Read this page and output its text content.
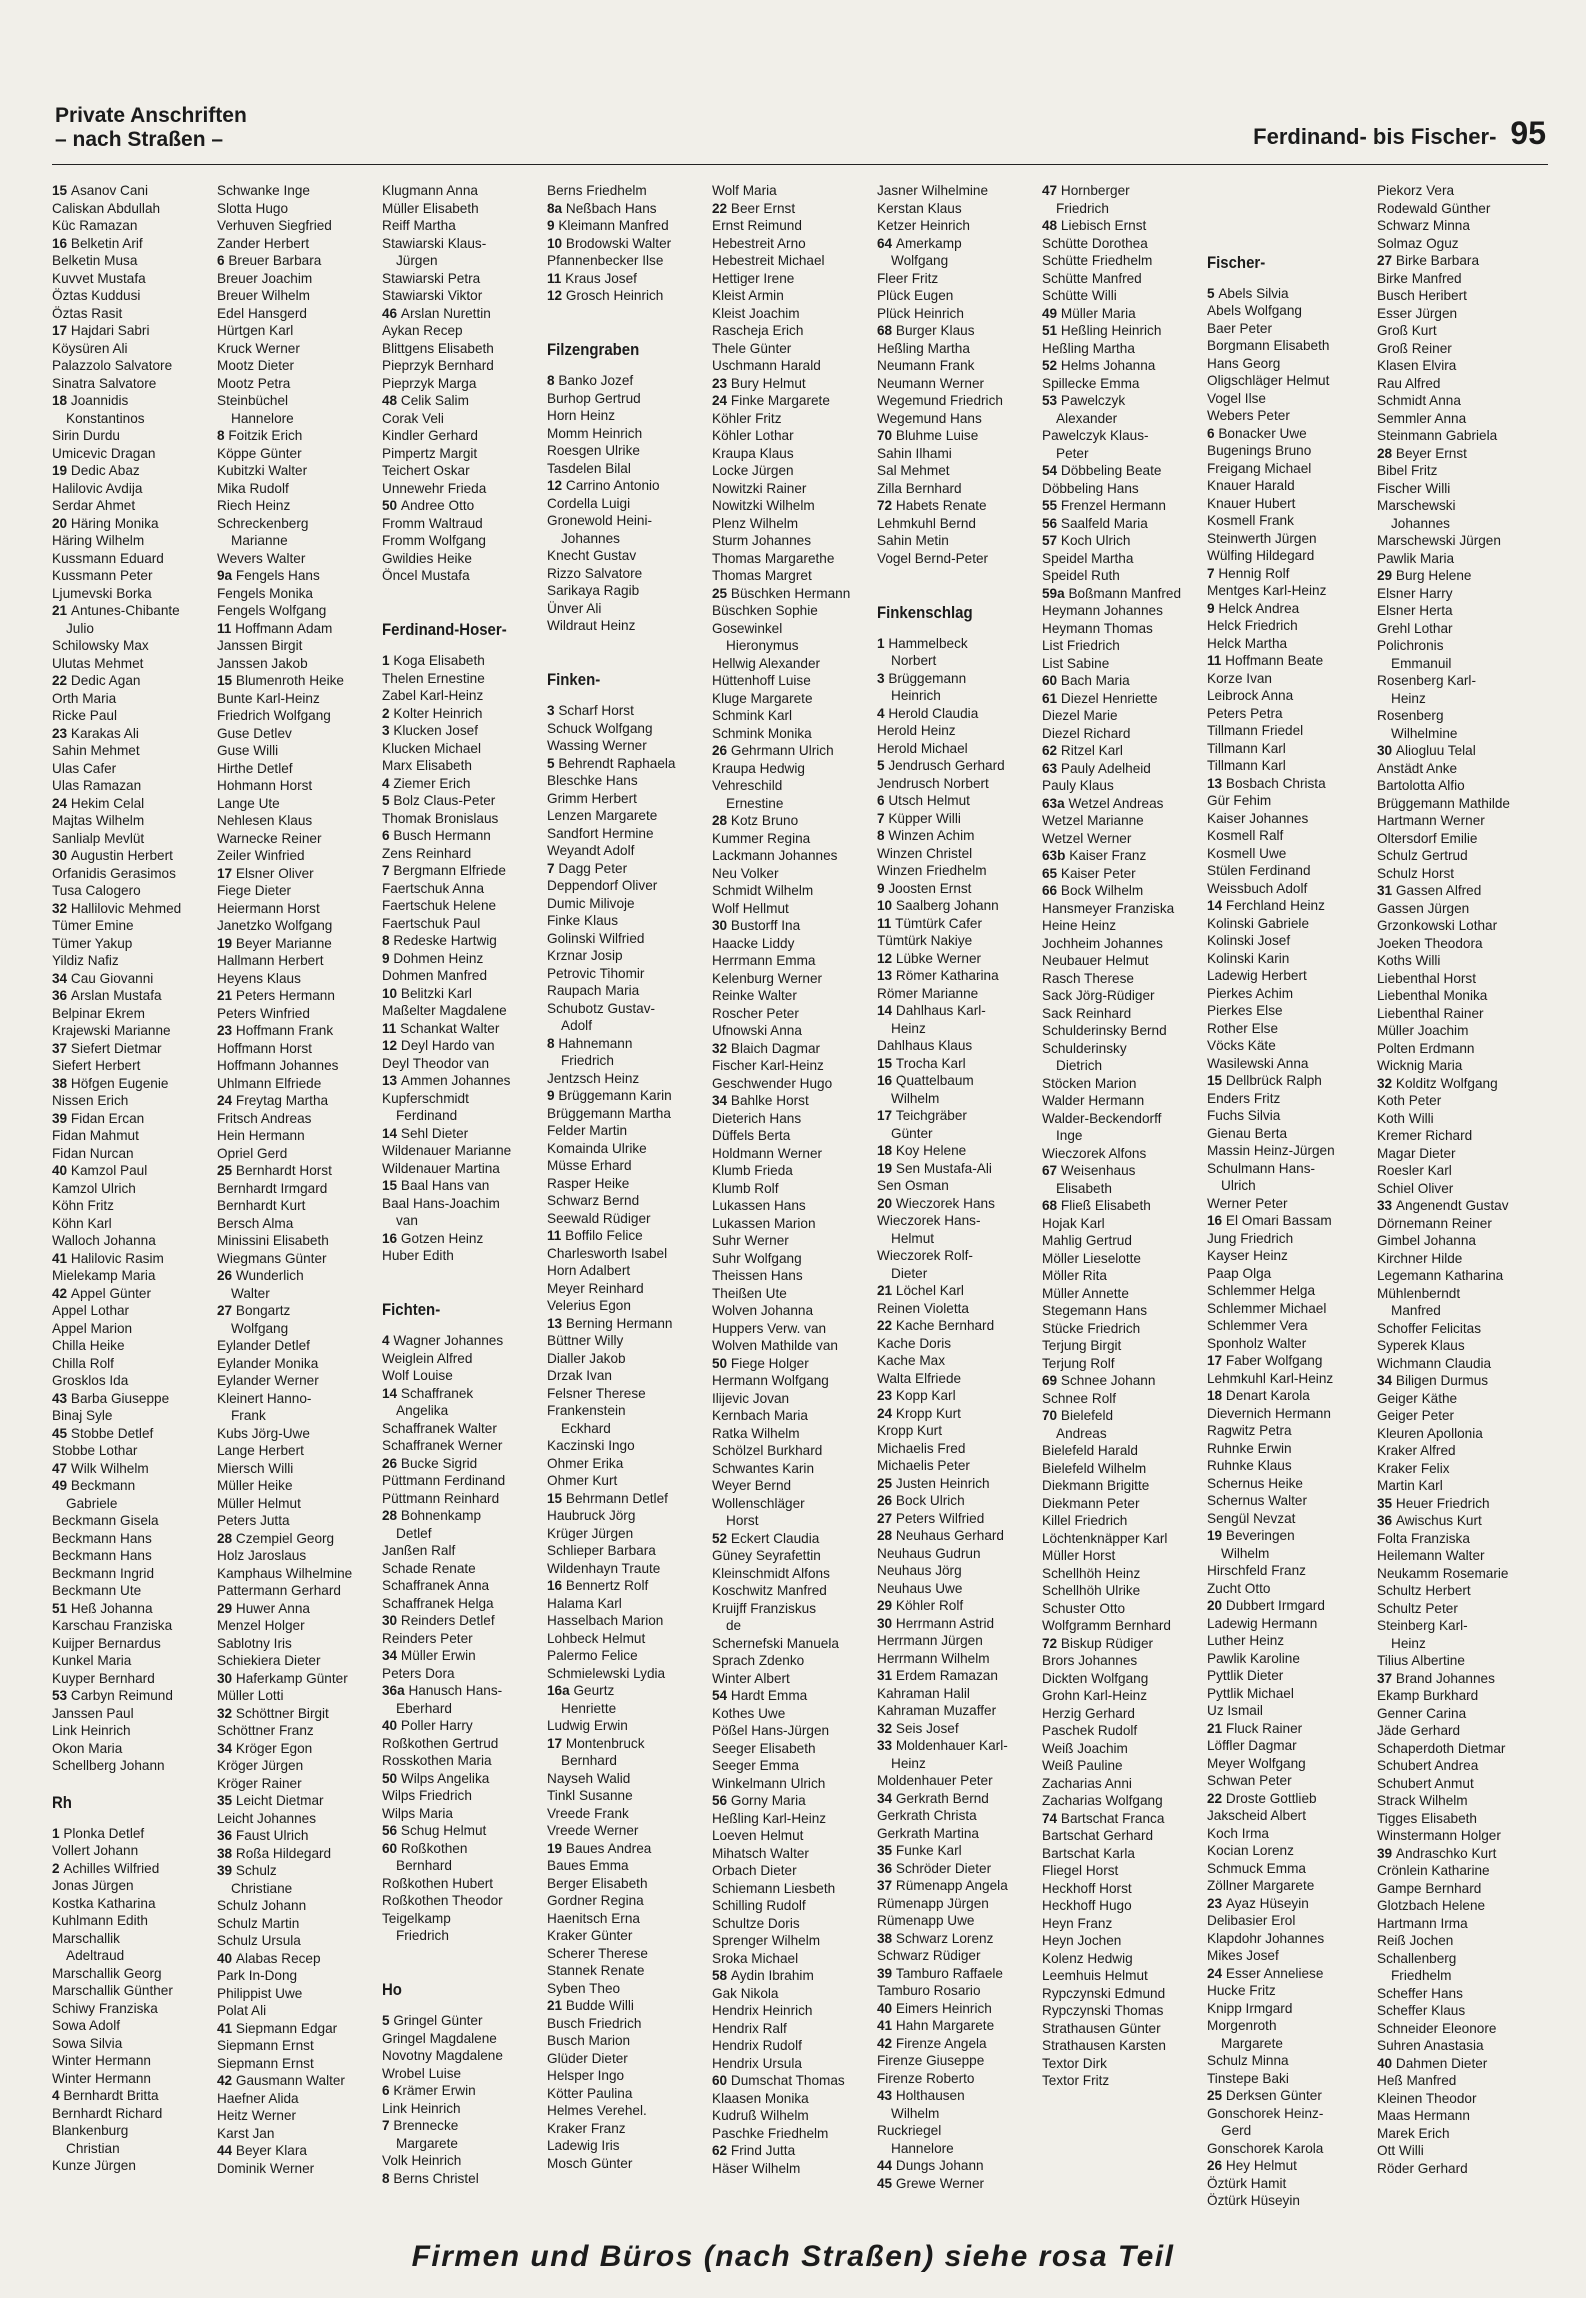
Private Anschriften
– nach Straßen –	Ferdinand- bis Fischer- 95
15 Asanov Cani
Caliskan Abdullah
Küc Ramazan
16 Belketin Arif
Belketin Musa
Kuvvet Mustafa
Öztas Kuddusi
Öztas Rasit
17 Hajdari Sabri
Köysüren Ali
Palazzolo Salvatore
Sinatra Salvatore
18 Joannidis
Konstantinos
Sirin Durdu
Umicevic Dragan
19 Dedic Abaz
Halilovic Avdija
Serdar Ahmet
20 Häring Monika
Häring Wilhelm
Kussmann Eduard
Kussmann Peter
Ljumevski Borka
21 Antunes-Chibante
Julio
Schilowsky Max
Ulutas Mehmet
22 Dedic Agan
Orth Maria
Ricke Paul
23 Karakas Ali
Sahin Mehmet
Ulas Cafer
Ulas Ramazan
24 Hekim Celal
Majtas Wilhelm
Sanlialp Mevlüt
30 Augustin Herbert
Orfanidis Gerasimos
Tusa Calogero
32 Hallilovic Mehmed
Tümer Emine
Tümer Yakup
Yildiz Nafiz
34 Cau Giovanni
36 Arslan Mustafa
Belpinar Ekrem
Krajewski Marianne
37 Siefert Dietmar
Siefert Herbert
38 Höfgen Eugenie
Nissen Erich
39 Fidan Ercan
Fidan Mahmut
Fidan Nurcan
40 Kamzol Paul
Kamzol Ulrich
Köhn Fritz
Köhn Karl
Walloch Johanna
41 Halilovic Rasim
Mielekamp Maria
42 Appel Günter
Appel Lothar
Appel Marion
Chilla Heike
Chilla Rolf
Grosklos Ida
43 Barba Giuseppe
Binaj Syle
45 Stobbe Detlef
Stobbe Lothar
47 Wilk Wilhelm
49 Beckmann
Gabriele
Beckmann Gisela
Beckmann Hans
Beckmann Hans
Beckmann Ingrid
Beckmann Ute
51 Heß Johanna
Karschau Franziska
Kuijper Bernardus
Kunkel Maria
Kuyper Bernhard
53 Carbyn Reimund
Janssen Paul
Link Heinrich
Okon Maria
Schellberg Johann
Rh
1 Plonka Detlef
Vollert Johann
2 Achilles Wilfried
Jonas Jürgen
Kostka Katharina
Kuhlmann Edith
Marschallik
Adeltraud
Marschallik Georg
Marschallik Günther
Schiwy Franziska
Sowa Adolf
Sowa Silvia
Winter Hermann
Winter Hermann
4 Bernhardt Britta
Bernhardt Richard
Blankenburg
Christian
Kunze Jürgen
Schwanke Inge
Slotta Hugo
Verhuven Siegfried
Zander Herbert
6 Breuer Barbara
Breuer Joachim
Breuer Wilhelm
Edel Hansgerd
Hürtgen Karl
Kruck Werner
Mootz Dieter
Mootz Petra
Steinbüchel
Hannelore
8 Foitzik Erich
Köppe Günter
Kubitzki Walter
Mika Rudolf
Riech Heinz
Schreckenberg
Marianne
Wevers Walter
9a Fengels Hans
Fengels Monika
Fengels Wolfgang
11 Hoffmann Adam
Janssen Birgit
Janssen Jakob
15 Blumenroth Heike
Bunte Karl-Heinz
Friedrich Wolfgang
Guse Detlev
Guse Willi
Hirthe Detlef
Hohmann Horst
Lange Ute
Nehlesen Klaus
Warnecke Reiner
Zeiler Winfried
17 Elsner Oliver
Fiege Dieter
Heiermann Horst
Janetzko Wolfgang
19 Beyer Marianne
Hallmann Herbert
Heyens Klaus
21 Peters Hermann
Peters Winfried
23 Hoffmann Frank
Hoffmann Horst
Hoffmann Johannes
Uhlmann Elfriede
24 Freytag Martha
Fritsch Andreas
Hein Hermann
Opriel Gerd
25 Bernhardt Horst
Bernhardt Irmgard
Bernhardt Kurt
Bersch Alma
Minissini Elisabeth
Wiegmans Günter
26 Wunderlich
Walter
27 Bongartz
Wolfgang
Eylander Detlef
Eylander Monika
Eylander Werner
Kleinert Hanno-
Frank
Kubs Jörg-Uwe
Lange Herbert
Miersch Willi
Müller Heike
Müller Helmut
Peters Jutta
28 Czempiel Georg
Holz Jaroslaus
Kamphaus Wilhelmine
Pattermann Gerhard
29 Huwer Anna
Menzel Holger
Sablotny Iris
Schiekiera Dieter
30 Haferkamp Günter
Müller Lotti
32 Schöttner Birgit
Schöttner Franz
34 Kröger Egon
Kröger Jürgen
Kröger Rainer
35 Leicht Dietmar
Leicht Johannes
36 Faust Ulrich
38 Roßa Hildegard
39 Schulz
Christiane
Schulz Johann
Schulz Martin
Schulz Ursula
40 Alabas Recep
Park In-Dong
Philippist Uwe
Polat Ali
41 Siepmann Edgar
Siepmann Ernst
Siepmann Ernst
42 Gausmann Walter
Haefner Alida
Heitz Werner
Karst Jan
44 Beyer Klara
Dominik Werner
Klugmann Anna
Müller Elisabeth
Reiff Martha
Stawiarski Klaus-
Jürgen
Stawiarski Petra
Stawiarski Viktor
46 Arslan Nurettin
Aykan Recep
Blittgens Elisabeth
Pieprzyk Bernhard
Pieprzyk Marga
48 Celik Salim
Corak Veli
Kindler Gerhard
Pimpertz Margit
Teichert Oskar
Unnewehr Frieda
50 Andree Otto
Fromm Waltraud
Fromm Wolfgang
Gwildies Heike
Öncel Mustafa

Ferdinand-Hoser-
1 Koga Elisabeth
Thelen Ernestine
Zabel Karl-Heinz
2 Kolter Heinrich
3 Klucken Josef
Klucken Michael
Marx Elisabeth
4 Ziemer Erich
5 Bolz Claus-Peter
Thomak Bronislaus
6 Busch Hermann
Zens Reinhard
7 Bergmann Elfriede
Faertschuk Anna
Faertschuk Helene
Faertschuk Paul
8 Redeske Hartwig
9 Dohmen Heinz
Dohmen Manfred
10 Belitzki Karl
Maßelter Magdalene
11 Schankat Walter
12 Deyl Hardo van
Deyl Theodor van
13 Ammen Johannes
Kupferschmidt
Ferdinand
14 Sehl Dieter
Wildenauer Marianne
Wildenauer Martina
15 Baal Hans van
Baal Hans-Joachim
van
16 Gotzen Heinz
Huber Edith

Fichten-
4 Wagner Johannes
Weiglein Alfred
Wolf Louise
14 Schaffranek
Angelika
Schaffranek Walter
Schaffranek Werner
26 Bucke Sigrid
Püttmann Ferdinand
Püttmann Reinhard
28 Bohnenkamp
Detlef
Janßen Ralf
Schade Renate
Schaffranek Anna
Schaffranek Helga
30 Reinders Detlef
Reinders Peter
34 Müller Erwin
Peters Dora
36a Hanusch Hans-
Eberhard
40 Poller Harry
Roßkothen Gertrud
Rosskothen Maria
50 Wilps Angelika
Wilps Friedrich
Wilps Maria
56 Schug Helmut
60 Roßkothen
Bernhard
Roßkothen Hubert
Roßkothen Theodor
Teigelkamp
Friedrich

Ho
5 Gringel Günter
Gringel Magdalene
Novotny Magdalene
Wrobel Luise
6 Krämer Erwin
Link Heinrich
7 Brennecke
Margarete
Volk Heinrich
8 Berns Christel
Berns Friedhelm
8a Neßbach Hans
9 Kleimann Manfred
10 Brodowski Walter
Pfannenbecker Ilse
11 Kraus Josef
12 Grosch Heinrich

Filzengraben
8 Banko Jozef
Burhop Gertrud
Horn Heinz
Momm Heinrich
Roesgen Ulrike
Tasdelen Bilal
12 Carrino Antonio
Cordella Luigi
Gronewold Heini-
Johannes
Knecht Gustav
Rizzo Salvatore
Sarikaya Ragib
Ünver Ali
Wildraut Heinz

Finken-
3 Scharf Horst
Schuck Wolfgang
Wassing Werner
5 Behrendt Raphaela
Bleschke Hans
Grimm Herbert
Lenzen Margarete
Sandfort Hermine
Weyandt Adolf
7 Dagg Peter
Deppendorf Oliver
Dumic Milivoje
Finke Klaus
Golinski Wilfried
Krznar Josip
Petrovic Tihomir
Raupach Maria
Schubotz Gustav-
Adolf
8 Hahnemann
Friedrich
Jentzsch Heinz
9 Brüggemann Karin
Brüggemann Martha
Felder Martin
Komainda Ulrike
Müsse Erhard
Rasper Heike
Schwarz Bernd
Seewald Rüdiger
11 Boffilo Felice
Charlesworth Isabel
Horn Adalbert
Meyer Reinhard
Velerius Egon
13 Berning Hermann
Büttner Willy
Dialler Jakob
Drzak Ivan
Felsner Therese
Frankenstein
Eckhard
Kaczinski Ingo
Ohmer Erika
Ohmer Kurt
15 Behrmann Detlef
Haubruck Jörg
Krüger Jürgen
Schlieper Barbara
Wildenhayn Traute
16 Bennertz Rolf
Halama Karl
Hasselbach Marion
Lohbeck Helmut
Palermo Felice
Schmielewski Lydia
16a Geurtz
Henriette
Ludwig Erwin
17 Montenbruck
Bernhard
Nayseh Walid
Tinkl Susanne
Vreede Frank
Vreede Werner
19 Baues Andrea
Baues Emma
Berger Elisabeth
Gordner Regina
Haenitsch Erna
Kraker Günter
Scherer Therese
Stannek Renate
Syben Theo
21 Budde Willi
Busch Friedrich
Busch Marion
Glüder Dieter
Helsper Ingo
Kötter Paulina
Helmes Verehel.
Kraker Franz
Ladewig Iris
Mosch Günter
Wolf Maria
22 Beer Ernst
Ernst Reimund
Hebestreit Arno
Hebestreit Michael
Hettiger Irene
Kleist Armin
Kleist Joachim
Rascheja Erich
Thele Günter
Uschmann Harald
23 Bury Helmut
24 Finke Margarete
Köhler Fritz
Köhler Lothar
Kraupa Klaus
Locke Jürgen
Nowitzki Rainer
Nowitzki Wilhelm
Plenz Wilhelm
Sturm Johannes
Thomas Margarethe
Thomas Margret
25 Büschken Hermann
Büschken Sophie
Gosewinkel
Hieronymus
Hellwig Alexander
Hüttenhoff Luise
Kluge Margarete
Schmink Karl
Schmink Monika
26 Gehrmann Ulrich
Kraupa Hedwig
Vehreschild
Ernestine
28 Kotz Bruno
Kummer Regina
Lackmann Johannes
Neu Volker
Schmidt Wilhelm
Wolf Hellmut
30 Bustorff Ina
Haacke Liddy
Herrmann Emma
Kelenburg Werner
Reinke Walter
Roscher Peter
Ufnowski Anna
32 Blaich Dagmar
Fischer Karl-Heinz
Geschwender Hugo
34 Bahlke Horst
Dieterich Hans
Düffels Berta
Holdmann Werner
Klumb Frieda
Klumb Rolf
Lukassen Hans
Lukassen Marion
Suhr Werner
Suhr Wolfgang
Theissen Hans
Theißen Ute
Wolven Johanna
Huppers Verw. van
Wolven Mathilde van
50 Fiege Holger
Hermann Wolfgang
Ilijevic Jovan
Kernbach Maria
Ratka Wilhelm
Schölzel Burkhard
Schwantes Karin
Weyer Bernd
Wollenschläger
Horst
52 Eckert Claudia
Güney Seyrafettin
Kleinschmidt Alfons
Koschwitz Manfred
Kruijff Franziskus
de
Schernefski Manuela
Sprach Zdenko
Winter Albert
54 Hardt Emma
Kothes Uwe
Pößel Hans-Jürgen
Seeger Elisabeth
Seeger Emma
Winkelmann Ulrich
56 Gorny Maria
Heßling Karl-Heinz
Loeven Helmut
Mihatsch Walter
Orbach Dieter
Schiemann Liesbeth
Schilling Rudolf
Schultze Doris
Sprenger Wilhelm
Sroka Michael
58 Aydin Ibrahim
Gak Nikola
Hendrix Heinrich
Hendrix Ralf
Hendrix Rudolf
Hendrix Ursula
60 Dumschat Thomas
Klaasen Monika
Kudruß Wilhelm
Paschke Friedhelm
62 Frind Jutta
Häser Wilhelm
Jasner Wilhelmine
Kerstan Klaus
Ketzer Heinrich
64 Amerkamp
Wolfgang
Fleer Fritz
Plück Eugen
Plück Heinrich
68 Burger Klaus
Heßling Martha
Neumann Frank
Neumann Werner
Wegemund Friedrich
Wegemund Hans
70 Bluhme Luise
Sahin Ilhami
Sal Mehmet
Zilla Bernhard
72 Habets Renate
Lehmkuhl Bernd
Sahin Metin
Vogel Bernd-Peter

Finkenschlag
1 Hammelbeck
Norbert
3 Brüggemann
Heinrich
4 Herold Claudia
Herold Heinz
Herold Michael
5 Jendrusch Gerhard
Jendrusch Norbert
6 Utsch Helmut
7 Küpper Willi
8 Winzen Achim
Winzen Christel
Winzen Friedhelm
9 Joosten Ernst
10 Saalberg Johann
11 Tümtürk Cafer
Tümtürk Nakiye
12 Lübke Werner
13 Römer Katharina
Römer Marianne
14 Dahlhaus Karl-
Heinz
Dahlhaus Klaus
15 Trocha Karl
16 Quattelbaum
Wilhelm
17 Teichgräber
Günter
18 Koy Helene
19 Sen Mustafa-Ali
Sen Osman
20 Wieczorek Hans
Wieczorek Hans-
Helmut
Wieczorek Rolf-
Dieter
21 Löchel Karl
Reinen Violetta
22 Kache Bernhard
Kache Doris
Kache Max
Walta Elfriede
23 Kopp Karl
24 Kropp Kurt
Kropp Kurt
Michaelis Fred
Michaelis Peter
25 Justen Heinrich
26 Bock Ulrich
27 Peters Wilfried
28 Neuhaus Gerhard
Neuhaus Gudrun
Neuhaus Jörg
Neuhaus Uwe
29 Köhler Rolf
30 Herrmann Astrid
Herrmann Jürgen
Herrmann Wilhelm
31 Erdem Ramazan
Kahraman Halil
Kahraman Muzaffer
32 Seis Josef
33 Moldenhauer Karl-
Heinz
Moldenhauer Peter
34 Gerkrath Bernd
Gerkrath Christa
Gerkrath Martina
35 Funke Karl
36 Schröder Dieter
37 Rümenapp Angela
Rümenapp Jürgen
Rümenapp Uwe
38 Schwarz Lorenz
Schwarz Rüdiger
39 Tamburo Raffaele
Tamburo Rosario
40 Eimers Heinrich
41 Hahn Margarete
42 Firenze Angela
Firenze Giuseppe
Firenze Roberto
43 Holthausen
Wilhelm
Ruckriegel
Hannelore
44 Dungs Johann
45 Grewe Werner
47 Hornberger
Friedrich
48 Liebisch Ernst
Schütte Dorothea
Schütte Friedhelm
Schütte Manfred
Schütte Willi
49 Müller Maria
51 Heßling Heinrich
Heßling Martha
52 Helms Johanna
Spillecke Emma
53 Pawelczyk
Alexander
Pawelczyk Klaus-
Peter
54 Döbbeling Beate
Döbbeling Hans
55 Frenzel Hermann
56 Saalfeld Maria
57 Koch Ulrich
Speidel Martha
Speidel Ruth
59a Boßmann Manfred
Heymann Johannes
Heymann Thomas
List Friedrich
List Sabine
60 Bach Maria
61 Diezel Henriette
Diezel Marie
Diezel Richard
62 Ritzel Karl
63 Pauly Adelheid
Pauly Klaus
63a Wetzel Andreas
Wetzel Marianne
Wetzel Werner
63b Kaiser Franz
65 Kaiser Peter
66 Bock Wilhelm
Hansmeyer Franziska
Heine Heinz
Jochheim Johannes
Neubauer Helmut
Rasch Therese
Sack Jörg-Rüdiger
Sack Reinhard
Schulderinsky Bernd
Schulderinsky
Dietrich
Stöcken Marion
Walder Hermann
Walder-Beckendorff
Inge
Wieczorek Alfons
67 Weisenhaus
Elisabeth
68 Fließ Elisabeth
Hojak Karl
Mahlig Gertrud
Möller Lieselotte
Möller Rita
Müller Annette
Stegemann Hans
Stücke Friedrich
Terjung Birgit
Terjung Rolf
69 Schnee Johann
Schnee Rolf
70 Bielefeld
Andreas
Bielefeld Harald
Bielefeld Wilhelm
Diekmann Brigitte
Diekmann Peter
Killel Friedrich
Löchtenknäpper Karl
Müller Horst
Schellhöh Heinz
Schellhöh Ulrike
Schuster Otto
Wolfgramm Bernhard
72 Biskup Rüdiger
Brors Johannes
Dickten Wolfgang
Grohn Karl-Heinz
Herzig Gerhard
Paschek Rudolf
Weiß Joachim
Weiß Pauline
Zacharias Anni
Zacharias Wolfgang
74 Bartschat Franca
Bartschat Gerhard
Bartschat Karla
Fliegel Horst
Heckhoff Horst
Heckhoff Hugo
Heyn Franz
Heyn Jochen
Kolenz Hedwig
Leemhuis Helmut
Rypczynski Edmund
Rypczynski Thomas
Strathausen Günter
Strathausen Karsten
Textor Dirk
Textor Fritz

Fischer-
5 Abels Silvia
Abels Wolfgang
Baer Peter
Borgmann Elisabeth
Hans Georg
Oligschläger Helmut
Vogel Ilse
Webers Peter
6 Bonacker Uwe
Bugenings Bruno
Freigang Michael
Knauer Harald
Knauer Hubert
Kosmell Frank
Steinwerth Jürgen
Wülfing Hildegard
7 Hennig Rolf
Mentges Karl-Heinz
9 Helck Andrea
Helck Friedrich
Helck Martha
11 Hoffmann Beate
Korze Ivan
Leibrock Anna
Peters Petra
Tillmann Friedel
Tillmann Karl
Tillmann Karl
13 Bosbach Christa
Gür Fehim
Kaiser Johannes
Kosmell Ralf
Kosmell Uwe
Stülen Ferdinand
Weissbuch Adolf
14 Ferchland Heinz
Kolinski Gabriele
Kolinski Josef
Kolinski Karin
Ladewig Herbert
Pierkes Achim
Pierkes Else
Rother Else
Vöcks Käte
Wasilewski Anna
15 Dellbrück Ralph
Enders Fritz
Fuchs Silvia
Gienau Berta
Massin Heinz-Jürgen
Schulmann Hans-
Ulrich
Werner Peter
16 El Omari Bassam
Jung Friedrich
Kayser Heinz
Paap Olga
Schlemmer Helga
Schlemmer Michael
Schlemmer Vera
Sponholz Walter
17 Faber Wolfgang
Lehmkuhl Karl-Heinz
18 Denart Karola
Dievernich Hermann
Ragwitz Petra
Ruhnke Erwin
Ruhnke Klaus
Schernus Heike
Schernus Walter
Sengül Nevzat
19 Beveringen
Wilhelm
Hirschfeld Franz
Zucht Otto
20 Dubbert Irmgard
Ladewig Hermann
Luther Heinz
Pawlik Karoline
Pyttlik Dieter
Pyttlik Michael
Uz Ismail
21 Fluck Rainer
Löffler Dagmar
Meyer Wolfgang
Schwan Peter
22 Droste Gottlieb
Jakscheid Albert
Koch Irma
Kocian Lorenz
Schmuck Emma
Zöllner Margarete
23 Ayaz Hüseyin
Delibasier Erol
Klapdohr Johannes
Mikes Josef
24 Esser Anneliese
Hucke Fritz
Knipp Irmgard
Morgenroth
Margarete
Schulz Minna
Tinstepe Baki
25 Derksen Günter
Gonschorek Heinz-
Gerd
Gonschorek Karola
26 Hey Helmut
Öztürk Hamit
Öztürk Hüseyin
Piekorz Vera
Rodewald Günther
Schwarz Minna
Solmaz Oguz
27 Birke Barbara
Birke Manfred
Busch Heribert
Esser Jürgen
Groß Kurt
Groß Reiner
Klasen Elvira
Rau Alfred
Schmidt Anna
Semmler Anna
Steinmann Gabriela
28 Beyer Ernst
Bibel Fritz
Fischer Willi
Marschewski
Johannes
Marschewski Jürgen
Pawlik Maria
29 Burg Helene
Elsner Harry
Elsner Herta
Grehl Lothar
Polichronis
Emmanuil
Rosenberg Karl-
Heinz
Rosenberg
Wilhelmine
30 Aliogluu Telal
Anstädt Anke
Bartolotta Alfio
Brüggemann Mathilde
Hartmann Werner
Oltersdorf Emilie
Schulz Gertrud
Schulz Horst
31 Gassen Alfred
Gassen Jürgen
Grzonkowski Lothar
Joeken Theodora
Koths Willi
Liebenthal Horst
Liebenthal Monika
Liebenthal Rainer
Müller Joachim
Polten Erdmann
Wicknig Maria
32 Kolditz Wolfgang
Koth Peter
Koth Willi
Kremer Richard
Magar Dieter
Roesler Karl
Schiel Oliver
33 Angenendt Gustav
Dörnemann Reiner
Gimbel Johanna
Kirchner Hilde
Legemann Katharina
Mühlenberndt
Manfred
Schoffer Felicitas
Syperek Klaus
Wichmann Claudia
34 Biligen Durmus
Geiger Käthe
Geiger Peter
Kleuren Apollonia
Kraker Alfred
Kraker Felix
Martin Karl
35 Heuer Friedrich
36 Awischus Kurt
Folta Franziska
Heilemann Walter
Neukamm Rosemarie
Schultz Herbert
Schultz Peter
Steinberg Karl-
Heinz
Tilius Albertine
37 Brand Johannes
Ekamp Burkhard
Genner Carina
Jäde Gerhard
Schaperdoth Dietmar
Schubert Andrea
Schubert Anmut
Strack Wilhelm
Tigges Elisabeth
Winstermann Holger
39 Andraschko Kurt
Crönlein Katharine
Gampe Bernhard
Glotzbach Helene
Hartmann Irma
Reiß Jochen
Schallenberg
Friedhelm
Scheffer Hans
Scheffer Klaus
Schneider Eleonore
Suhren Anastasia
40 Dahmen Dieter
Heß Manfred
Kleinen Theodor
Maas Hermann
Marek Erich
Ott Willi
Röder Gerhard
Firmen und Büros (nach Straßen) siehe rosa Teil
